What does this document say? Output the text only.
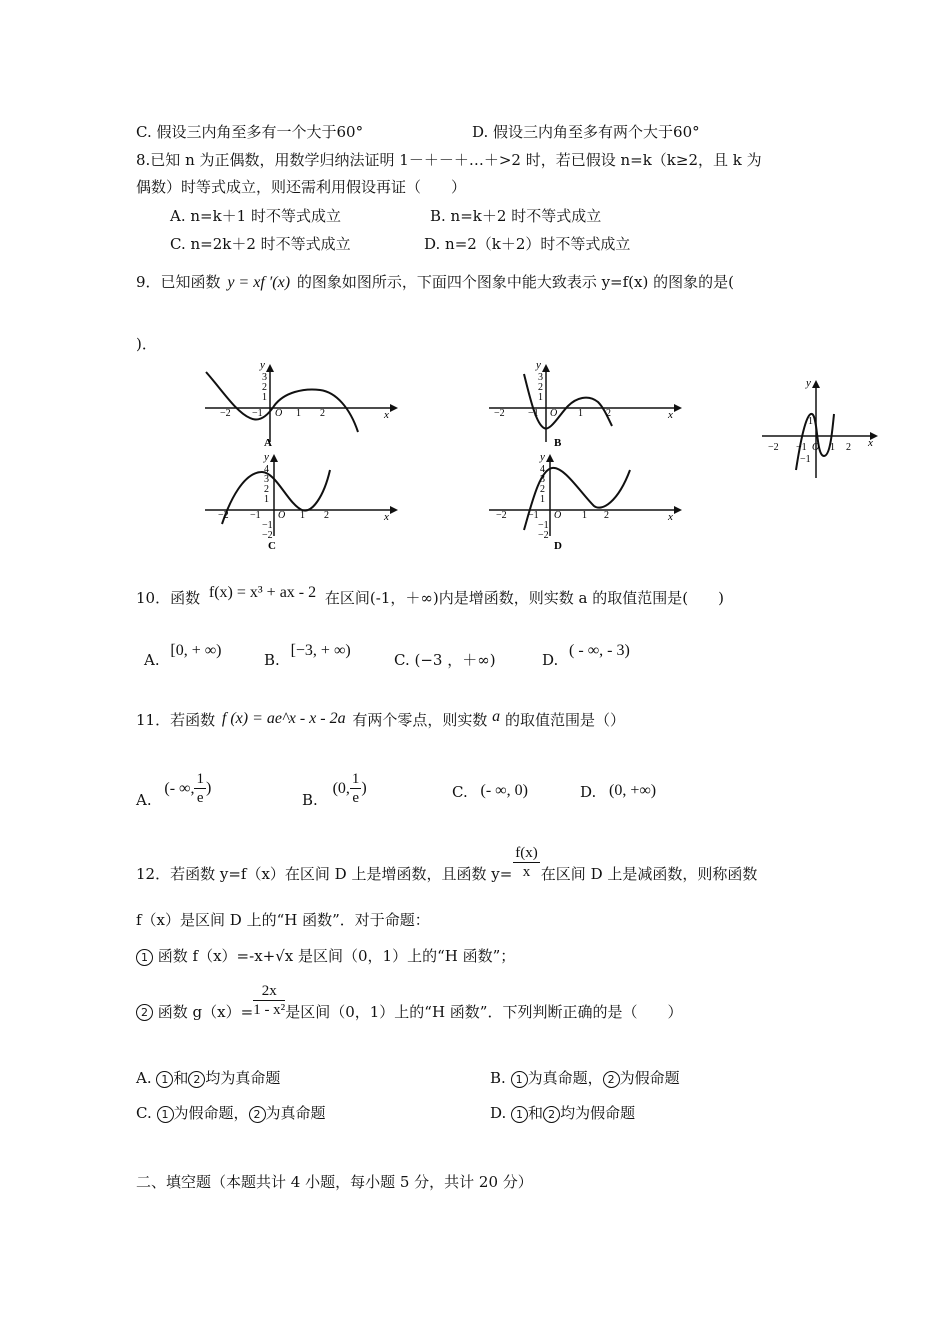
C. 假设三内角至多有一个大于60°	D. 假设三内角至多有两个大于60°
8.已知 n 为正偶数，用数学归纳法证明 1－＋－＋…＋>2 时，若已假设 n=k（k≥2，且 k 为
偶数）时等式成立，则还需利用假设再证（　　）
A. n=k＋1 时不等式成立	B. n=k＋2 时不等式成立
C. n=2k＋2 时不等式成立	D. n=2（k＋2）时不等式成立
9．已知函数 y = xf ′(x) 的图象如图所示，下面四个图象中能大致表示 y=f(x) 的图象的是(
)．
y
x
3
2
1
−2 −1 O 1 2
A
y
x
3
2
1
−2 −1 O 1 2
B
y
x
1
−2 −1 O 1 2
−1
y
x
4
3
2
1
−2 −1 O 1 2
−1
−2
C
y
x
4
3
2
1
−2 −1 O 1 2
−1
−2
D
10．函数 f(x) = x³ + ax - 2 在区间(-1，＋∞)内是增函数，则实数 a 的取值范围是(　　)
A. [0, + ∞)
B. [−3, + ∞)
C. (−3 ，＋∞)	D. ( - ∞, - 3)
11．若函数 f (x) = ae^x - x - 2a 有两个零点，则实数 a 的取值范围是（）
A. (- ∞, $\frac{1}{e}$ )
B. (0, $\frac{1}{e}$ )	C. (- ∞, 0)	D. (0, +∞)
12．若函数 y=f（x）在区间 D 上是增函数，且函数 $y= \frac{f(x)}{x}$ 在区间 D 上是减函数，则称函数
f（x）是区间 D 上的“H 函数”．对于命题：
1 函数 f（x）=-x+√x 是区间（0，1）上的“H 函数”；
2 函数 $g(x)= \frac{2x}{\text{1 - x²}}$ 是区间（0，1）上的“H 函数”．下列判断正确的是（　　）
A. 1 和 2 均为真命题	B. 1 为真命题， 2 为假命题
C. 1 为假命题， 2 为真命题	D. 1 和 2 均为假命题
二、填空题（本题共计 4 小题，每小题 5 分，共计 20 分）
